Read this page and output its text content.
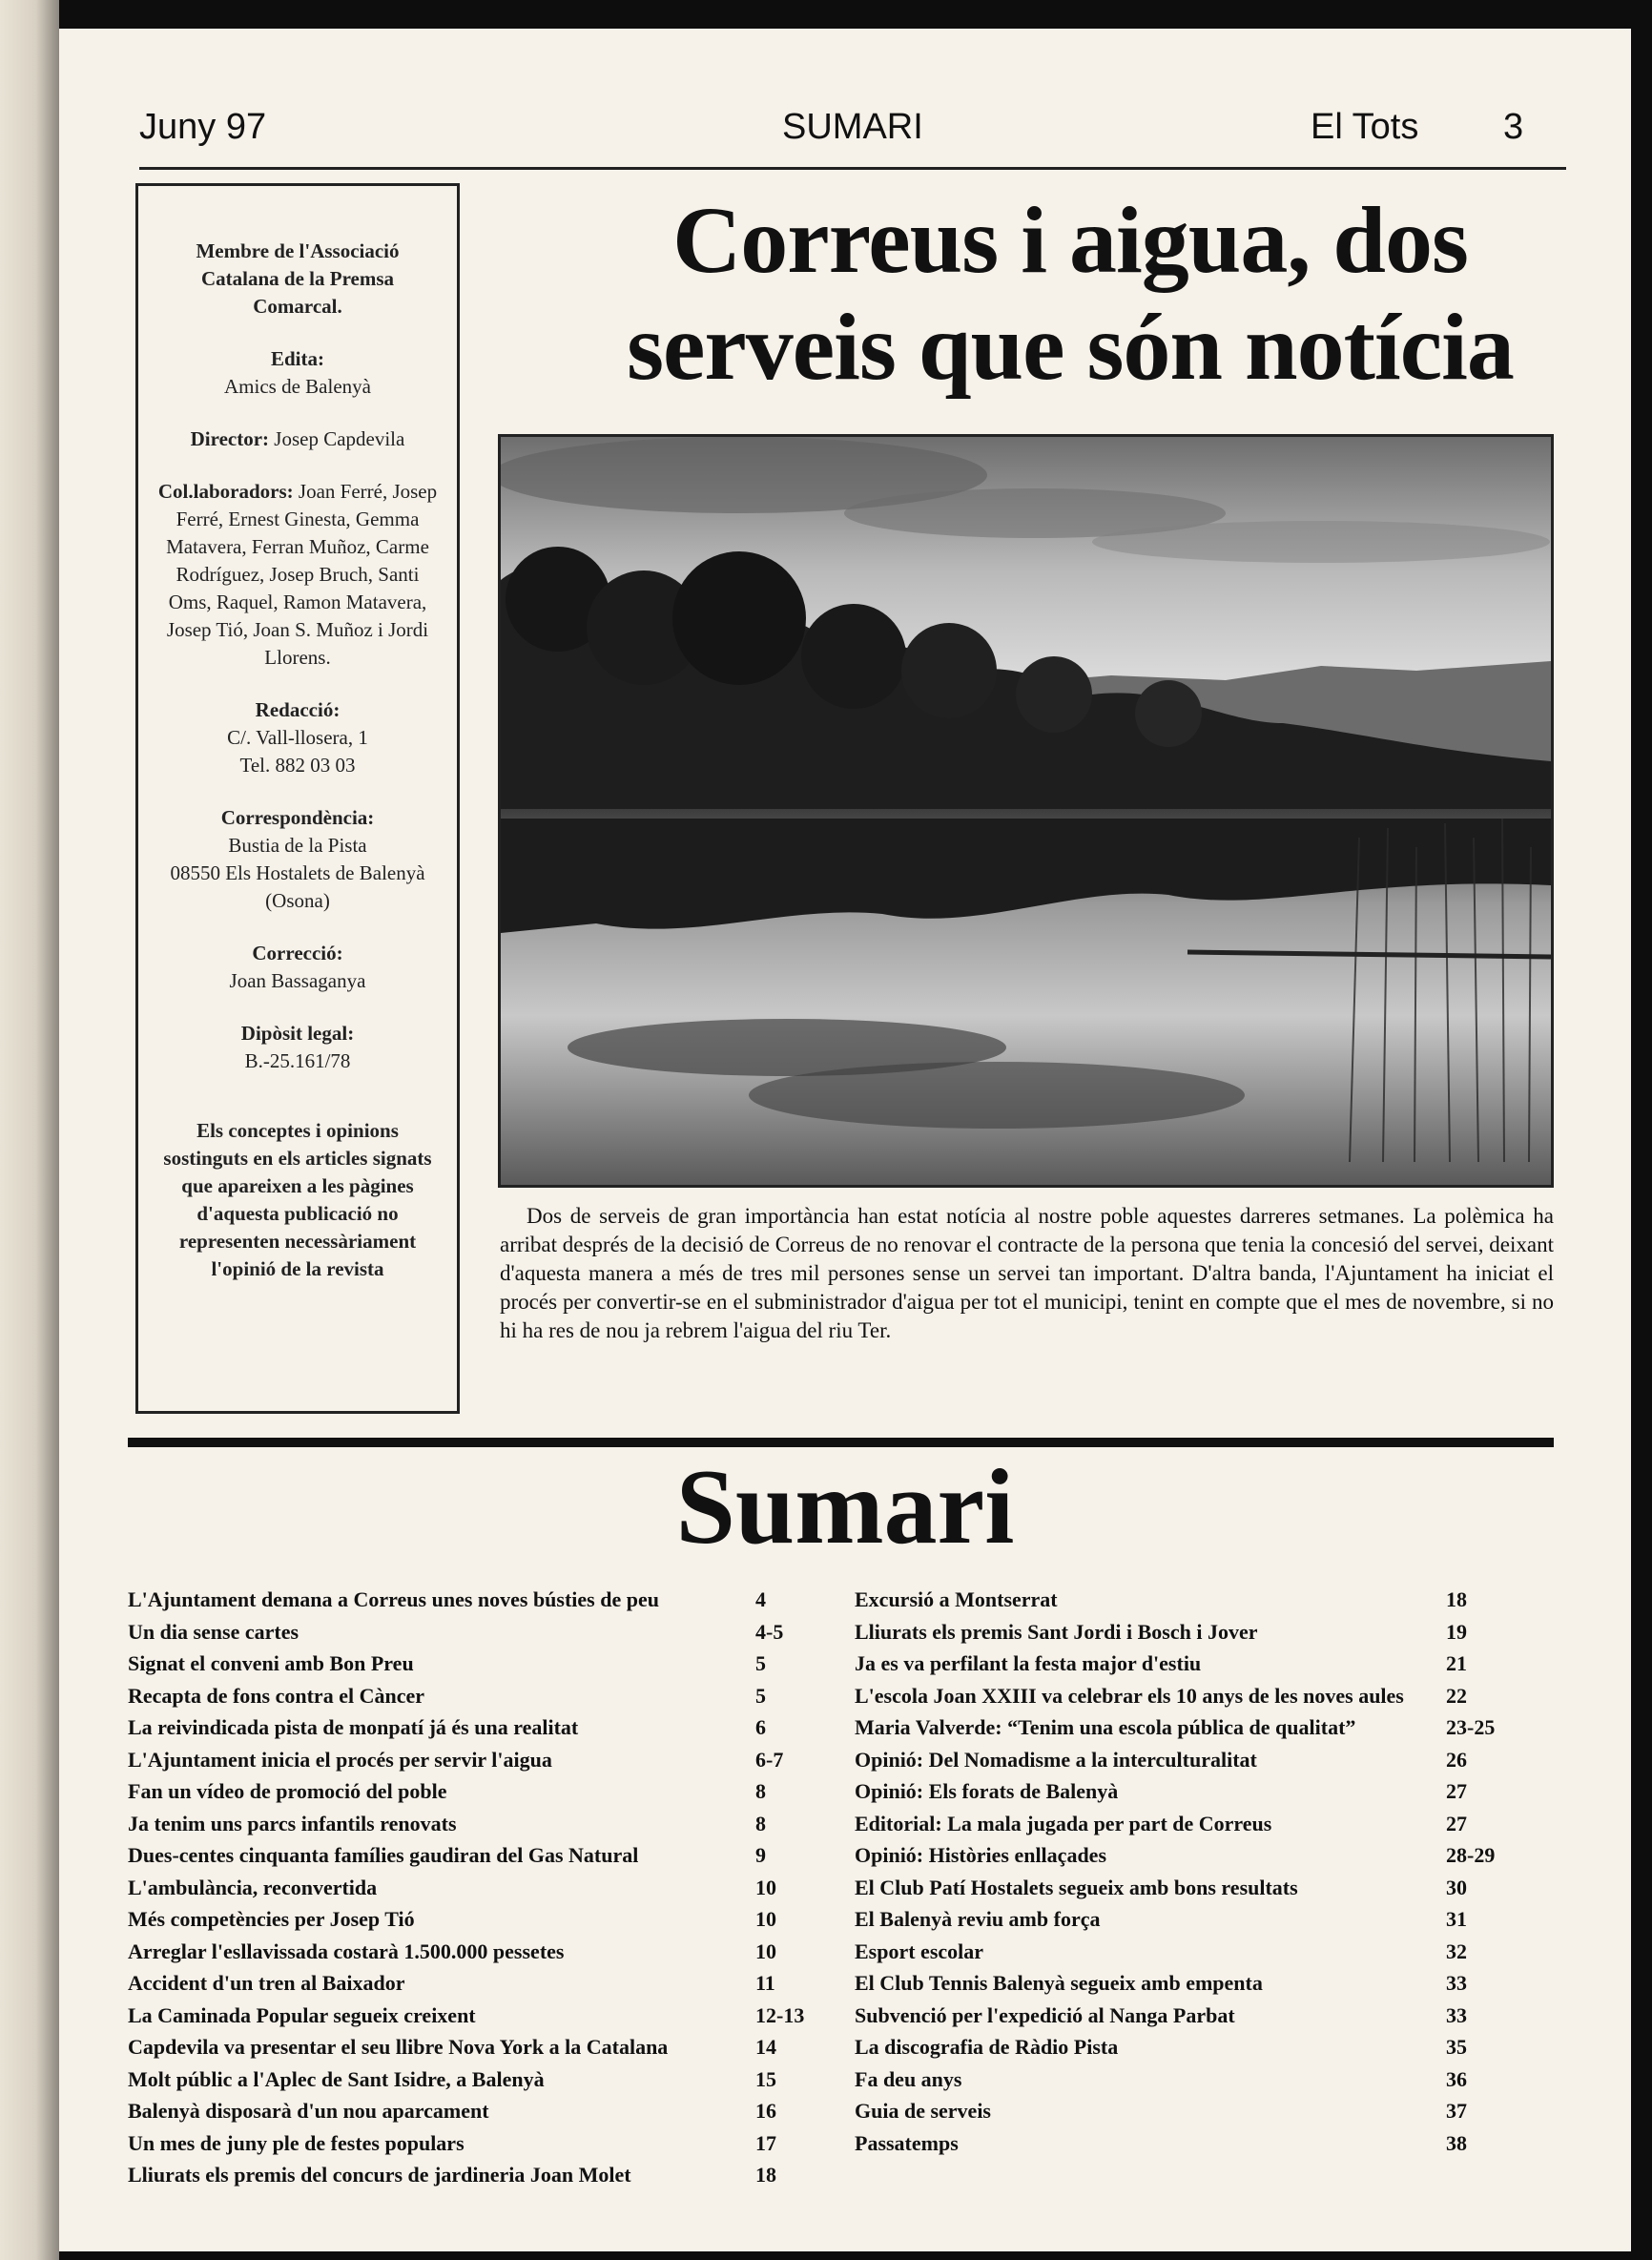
Juny 97	SUMARI	El Tots 3
Membre de l'Associació Catalana de la Premsa Comarcal.
Edita:
Amics de Balenyà
Director: Josep Capdevila
Col.laboradors: Joan Ferré, Josep Ferré, Ernest Ginesta, Gemma Matavera, Ferran Muñoz, Carme Rodríguez, Josep Bruch, Santi Oms, Raquel, Ramon Matavera, Josep Tió, Joan S. Muñoz i Jordi Llorens.
Redacció:
C/. Vall-llosera, 1
Tel. 882 03 03
Correspondència:
Bustia de la Pista
08550 Els Hostalets de Balenyà (Osona)
Correcció:
Joan Bassaganya
Dipòsit legal:
B.-25.161/78
Els conceptes i opinions sostinguts en els articles signats que apareixen a les pàgines d'aquesta publicació no representen necessàriament l'opinió de la revista
Correus i aigua, dos
serveis que són notícia
Dos de serveis de gran importància han estat notícia al nostre poble aquestes darreres setmanes. La polèmica ha arribat després de la decisió de Correus de no renovar el contracte de la persona que tenia la concesió del servei, deixant d'aquesta manera a més de tres mil persones sense un servei tan important. D'altra banda, l'Ajuntament ha iniciat el procés per convertir-se en el subministrador d'aigua per tot el municipi, tenint en compte que el mes de novembre, si no hi ha res de nou ja rebrem l'aigua del riu Ter.
Sumari
L'Ajuntament demana a Correus unes noves bústies de peu	4
Un dia sense cartes	4-5
Signat el conveni amb Bon Preu	5
Recapta de fons contra el Càncer	5
La reivindicada pista de monpatí já és una realitat	6
L'Ajuntament inicia el procés per servir l'aigua	6-7
Fan un vídeo de promoció del poble	8
Ja tenim uns parcs infantils renovats	8
Dues-centes cinquanta famílies gaudiran del Gas Natural	9
L'ambulància, reconvertida	10
Més competències per Josep Tió	10
Arreglar l'esllavissada costarà 1.500.000 pessetes	10
Accident d'un tren al Baixador	11
La Caminada Popular segueix creixent	12-13
Capdevila va presentar el seu llibre Nova York a la Catalana	14
Molt públic a l'Aplec de Sant Isidre, a Balenyà	15
Balenyà disposarà d'un nou aparcament	16
Un mes de juny ple de festes populars	17
Lliurats els premis del concurs de jardineria Joan Molet	18
Excursió a Montserrat	18
Lliurats els premis Sant Jordi i Bosch i Jover	19
Ja es va perfilant la festa major d'estiu	21
L'escola Joan XXIII va celebrar els 10 anys de les noves aules 22
Maria Valverde: “Tenim una escola pública de qualitat”	23-25
Opinió: Del Nomadisme a la interculturalitat	26
Opinió: Els forats de Balenyà	27
Editorial: La mala jugada per part de Correus	27
Opinió: Històries enllaçades	28-29
El Club Patí Hostalets segueix amb bons resultats	30
El Balenyà reviu amb força	31
Esport escolar	32
El Club Tennis Balenyà segueix amb empenta	33
Subvenció per l'expedició al Nanga Parbat	33
La discografia de Ràdio Pista	35
Fa deu anys	36
Guia de serveis	37
Passatemps	38
